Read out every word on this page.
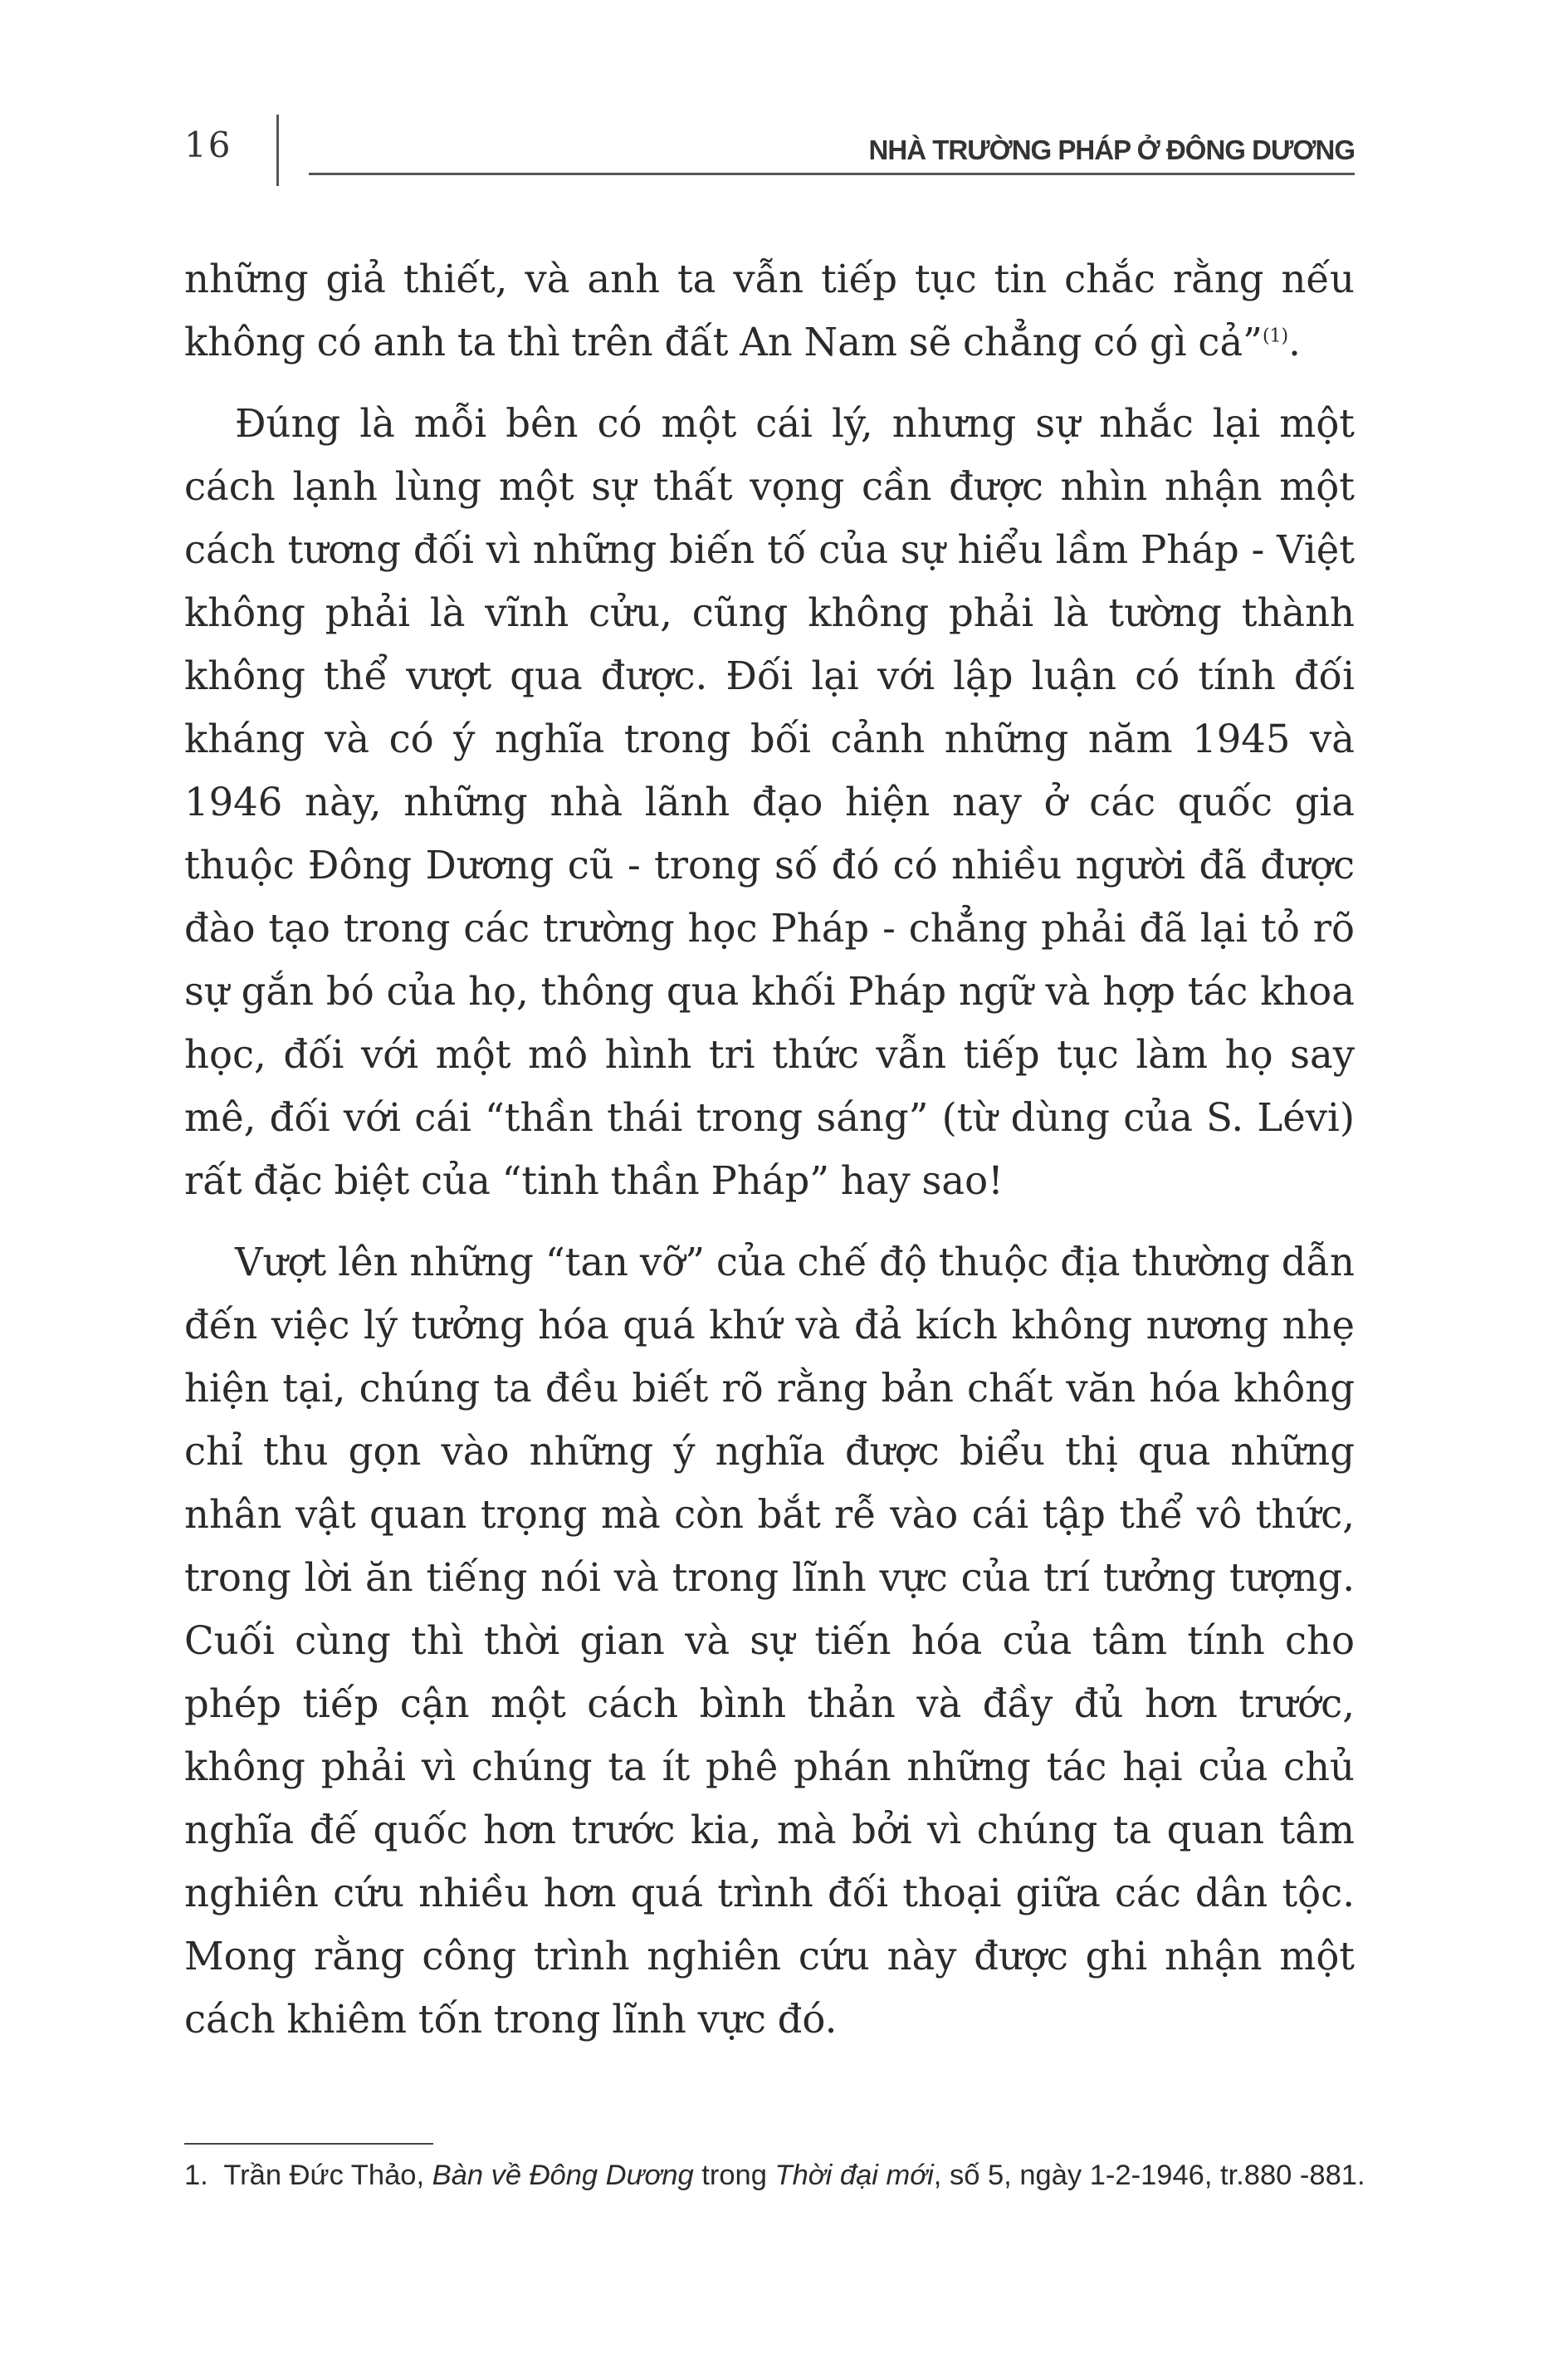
16	NHÀ TRƯỜNG PHÁP Ở ĐÔNG DƯƠNG

những giả thiết, và anh ta vẫn tiếp tục tin chắc rằng nếu không có anh ta thì trên đất An Nam sẽ chẳng có gì cả”$^{(1)}$.

Đúng là mỗi bên có một cái lý, nhưng sự nhắc lại một cách lạnh lùng một sự thất vọng cần được nhìn nhận một cách tương đối vì những biến tố của sự hiểu lầm Pháp - Việt không phải là vĩnh cửu, cũng không phải là tường thành không thể vượt qua được. Đối lại với lập luận có tính đối kháng và có ý nghĩa trong bối cảnh những năm 1945 và 1946 này, những nhà lãnh đạo hiện nay ở các quốc gia thuộc Đông Dương cũ - trong số đó có nhiều người đã được đào tạo trong các trường học Pháp - chẳng phải đã lại tỏ rõ sự gắn bó của họ, thông qua khối Pháp ngữ và hợp tác khoa học, đối với một mô hình tri thức vẫn tiếp tục làm họ say mê, đối với cái “thần thái trong sáng” (từ dùng của S. Lévi) rất đặc biệt của “tinh thần Pháp” hay sao!

Vượt lên những “tan vỡ” của chế độ thuộc địa thường dẫn đến việc lý tưởng hóa quá khứ và đả kích không nương nhẹ hiện tại, chúng ta đều biết rõ rằng bản chất văn hóa không chỉ thu gọn vào những ý nghĩa được biểu thị qua những nhân vật quan trọng mà còn bắt rễ vào cái tập thể vô thức, trong lời ăn tiếng nói và trong lĩnh vực của trí tưởng tượng. Cuối cùng thì thời gian và sự tiến hóa của tâm tính cho phép tiếp cận một cách bình thản và đầy đủ hơn trước, không phải vì chúng ta ít phê phán những tác hại của chủ nghĩa đế quốc hơn trước kia, mà bởi vì chúng ta quan tâm nghiên cứu nhiều hơn quá trình đối thoại giữa các dân tộc. Mong rằng công trình nghiên cứu này được ghi nhận một cách khiêm tốn trong lĩnh vực đó.

1. Trần Đức Thảo, Bàn về Đông Dương trong Thời đại mới, số 5, ngày 1-2-1946, tr.880 -881.
